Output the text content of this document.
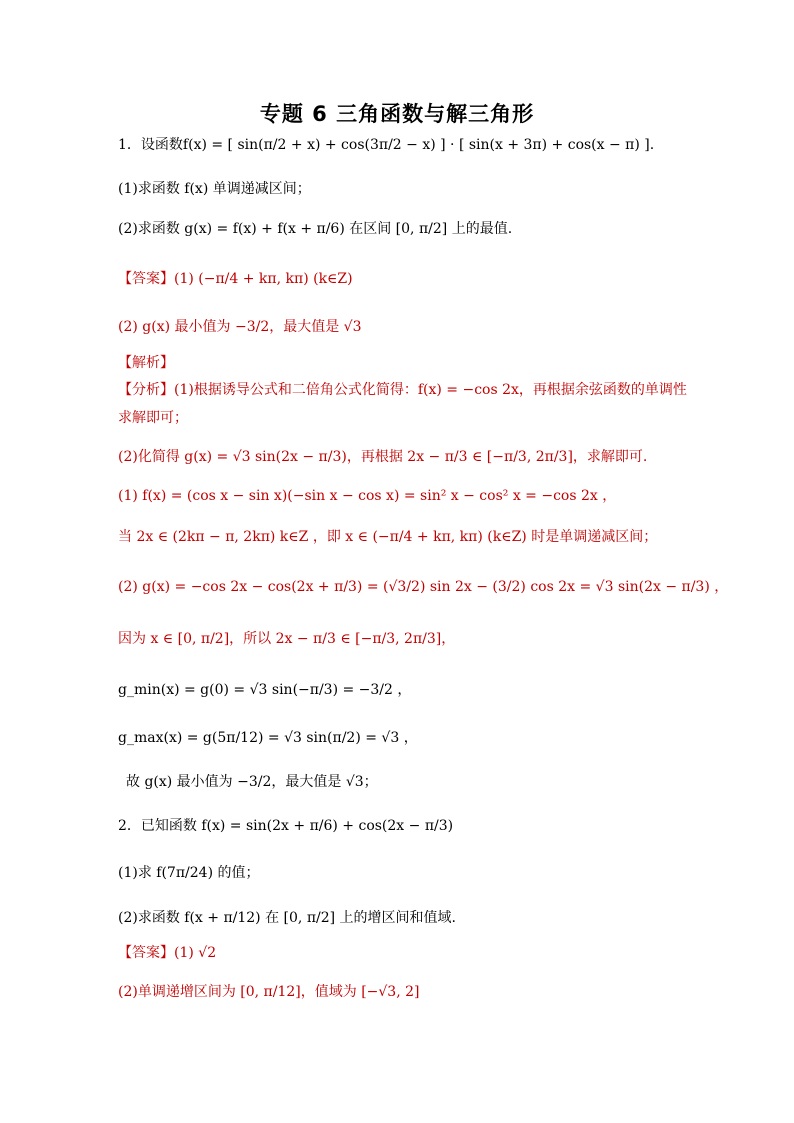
专题 6 三角函数与解三角形
1．设函数 f(x) = [ sin(π/2 + x) + cos(3π/2 − x) ] · [ sin(x + 3π) + cos(x − π) ].
(1)求函数 f(x) 单调递减区间；
(2)求函数 g(x) = f(x) + f(x + π/6) 在区间 [0, π/2] 上的最值.
【答案】 (1) (−π/4 + kπ, kπ) (k∈Z)
(2) g(x) 最小值为 −3/2，最大值是 √3
【解析】
【分析】 (1)根据诱导公式和二倍角公式化简得：f(x) = −cos 2x，再根据余弦函数的单调性
求解即可；
(2)化简得 g(x) = √3 sin(2x − π/3)，再根据 2x − π/3 ∈ [−π/3, 2π/3]，求解即可.
(1) f(x) = (cos x − sin x)(−sin x − cos x) = sin² x − cos² x = −cos 2x ，
当 2x ∈ (2kπ − π, 2kπ) k∈Z ，即 x ∈ (−π/4 + kπ, kπ) (k∈Z) 时是单调递减区间；
(2) g(x) = −cos 2x − cos(2x + π/3) = (√3/2) sin 2x − (3/2) cos 2x = √3 sin(2x − π/3) ，
因为 x ∈ [0, π/2]，所以 2x − π/3 ∈ [−π/3, 2π/3]，
g_min(x) = g(0) = √3 sin(−π/3) = −3/2 ，
g_max(x) = g(5π/12) = √3 sin(π/2) = √3 ，
故 g(x) 最小值为 −3/2，最大值是 √3；
2．已知函数 f(x) = sin(2x + π/6) + cos(2x − π/3)
(1)求 f(7π/24) 的值；
(2)求函数 f(x + π/12) 在 [0, π/2] 上的增区间和值域.
【答案】 (1) √2
(2)单调递增区间为 [0, π/12]，值域为 [−√3, 2]
